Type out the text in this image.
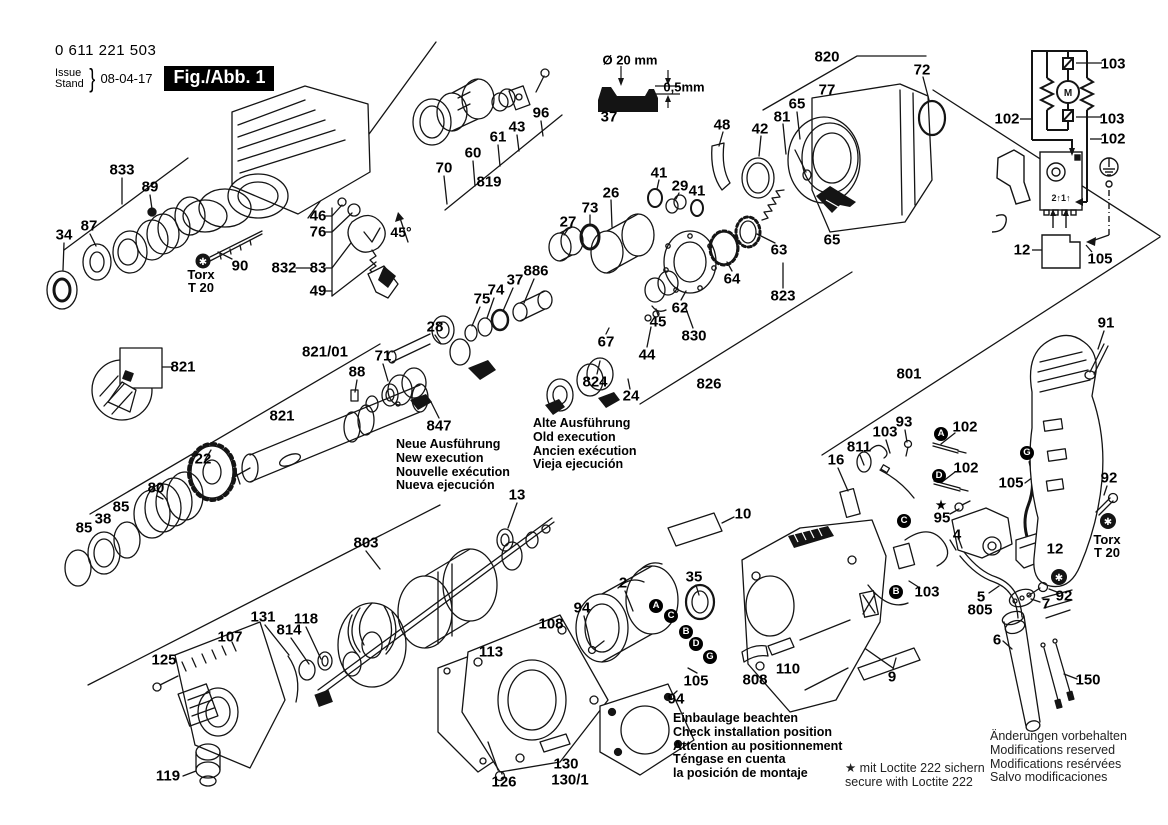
✱
✱
✱
M
2↑1↑
0 611 221 503
Issue
Stand } 08-04-17	Fig./Abb. 1
Neue Ausführung
New execution
Nouvelle exécution
Nueva ejecución
Alte Ausführung
Old execution
Ancien exécution
Vieja ejecución
Einbaulage beachten
Check installation position
Attention au positionnement
Téngase en cuenta
la posición de montaje	★ mit Loctite 222 sichern
secure with Loctite 222
Änderungen vorbehalten
Modifications reserved
Modifications resérvées
Salvo modificaciones
833
89
87
34
90
Torx
T 20
832 83
49
46
76	45°
70
60
819
61
43
96
Ø 20 mm
0,5mm
37
820
72
77
65
81
42
48
41
29 41
26
73
27
65
63
64
823
62
830
45
44
67
824
24
826
886
37
74
75
28
821/01
88
71
821
821
22
80
85
38
85
847
13
803
107
131
125
119
118
814
113
108
126
130
130/1
94
94
2	35
10
105 808
110	9
801
16
811
103
93	102
102
★
95
4
103
105
12
91
92
Torx
T 20
92
7
5
805
6
150
103
102	103
102
12
105
A
D
C
B
G
A
C
B
D
G
